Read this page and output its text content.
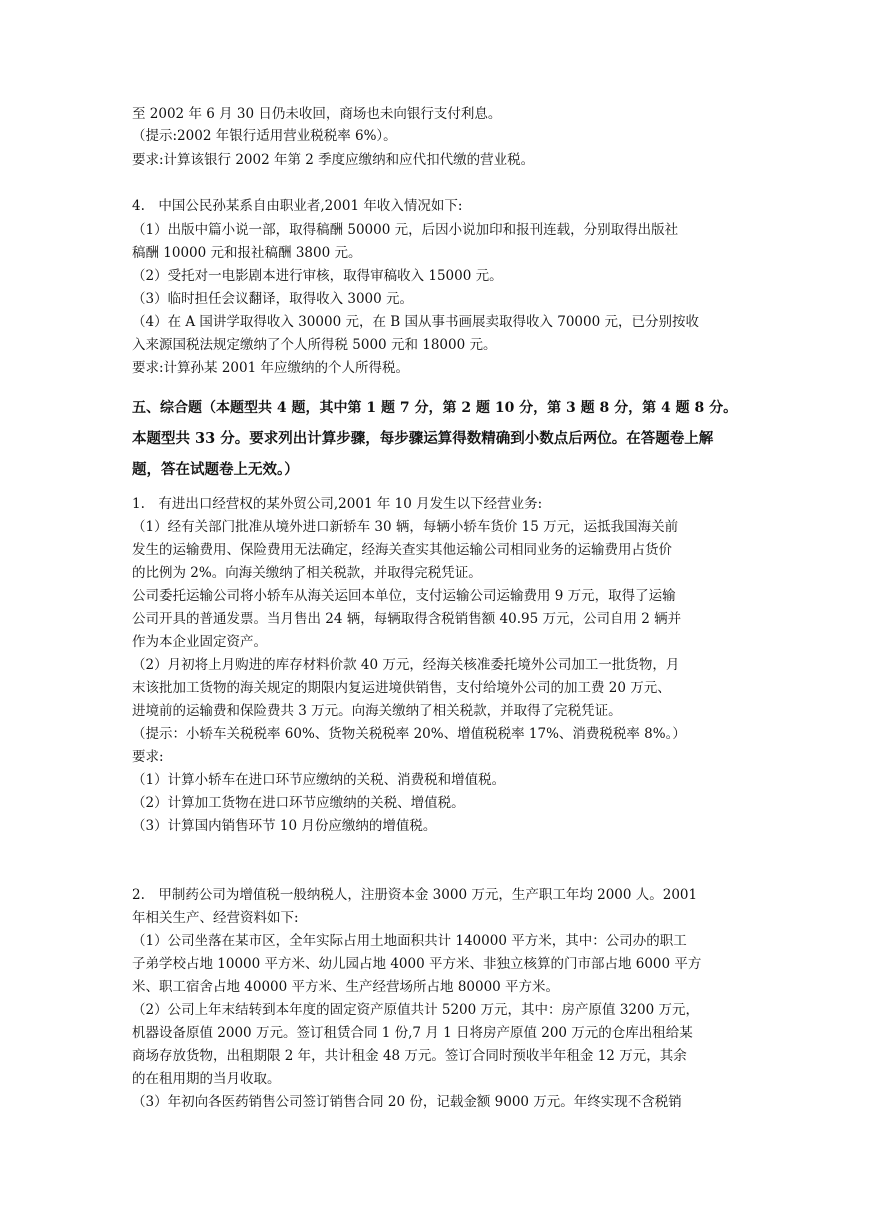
至 2002 年 6 月 30 日仍未收回，商场也未向银行支付利息。
（提示:2002 年银行适用营业税税率 6%）。
要求:计算该银行 2002 年第 2 季度应缴纳和应代扣代缴的营业税。
4.　中国公民孙某系自由职业者,2001 年收入情况如下:
（1）出版中篇小说一部，取得稿酬 50000 元，后因小说加印和报刊连载，分别取得出版社
稿酬 10000 元和报社稿酬 3800 元。
（2）受托对一电影剧本进行审核，取得审稿收入 15000 元。
（3）临时担任会议翻译，取得收入 3000 元。
（4）在 A 国讲学取得收入 30000 元，在 B 国从事书画展卖取得收入 70000 元，已分别按收
入来源国税法规定缴纳了个人所得税 5000 元和 18000 元。
要求:计算孙某 2001 年应缴纳的个人所得税。
五、综合题（本题型共 4 题，其中第 1 题 7 分，第 2 题 10 分，第 3 题 8 分，第 4 题 8 分。
本题型共 33 分。要求列出计算步骤，每步骤运算得数精确到小数点后两位。在答题卷上解
题，答在试题卷上无效。）
1.　有进出口经营权的某外贸公司,2001 年 10 月发生以下经营业务:
（1）经有关部门批准从境外进口新轿车 30 辆，每辆小轿车货价 15 万元，运抵我国海关前
发生的运输费用、保险费用无法确定，经海关查实其他运输公司相同业务的运输费用占货价
的比例为 2%。向海关缴纳了相关税款，并取得完税凭证。
公司委托运输公司将小轿车从海关运回本单位，支付运输公司运输费用 9 万元，取得了运输
公司开具的普通发票。当月售出 24 辆，每辆取得含税销售额 40.95 万元，公司自用 2 辆并
作为本企业固定资产。
（2）月初将上月购进的库存材料价款 40 万元，经海关核准委托境外公司加工一批货物，月
末该批加工货物的海关规定的期限内复运进境供销售，支付给境外公司的加工费 20 万元、
进境前的运输费和保险费共 3 万元。向海关缴纳了相关税款，并取得了完税凭证。
（提示：小轿车关税税率 60%、货物关税税率 20%、增值税税率 17%、消费税税率 8%。）
要求:
（1）计算小轿车在进口环节应缴纳的关税、消费税和增值税。
（2）计算加工货物在进口环节应缴纳的关税、增值税。
（3）计算国内销售环节 10 月份应缴纳的增值税。
2.　甲制药公司为增值税一般纳税人，注册资本金 3000 万元，生产职工年均 2000 人。2001
年相关生产、经营资料如下:
（1）公司坐落在某市区，全年实际占用土地面积共计 140000 平方米，其中：公司办的职工
子弟学校占地 10000 平方米、幼儿园占地 4000 平方米、非独立核算的门市部占地 6000 平方
米、职工宿舍占地 40000 平方米、生产经营场所占地 80000 平方米。
（2）公司上年末结转到本年度的固定资产原值共计 5200 万元，其中：房产原值 3200 万元，
机器设备原值 2000 万元。签订租赁合同 1 份,7 月 1 日将房产原值 200 万元的仓库出租给某
商场存放货物，出租期限 2 年，共计租金 48 万元。签订合同时预收半年租金 12 万元，其余
的在租用期的当月收取。
（3）年初向各医药销售公司签订销售合同 20 份，记载金额 9000 万元。年终实现不含税销
